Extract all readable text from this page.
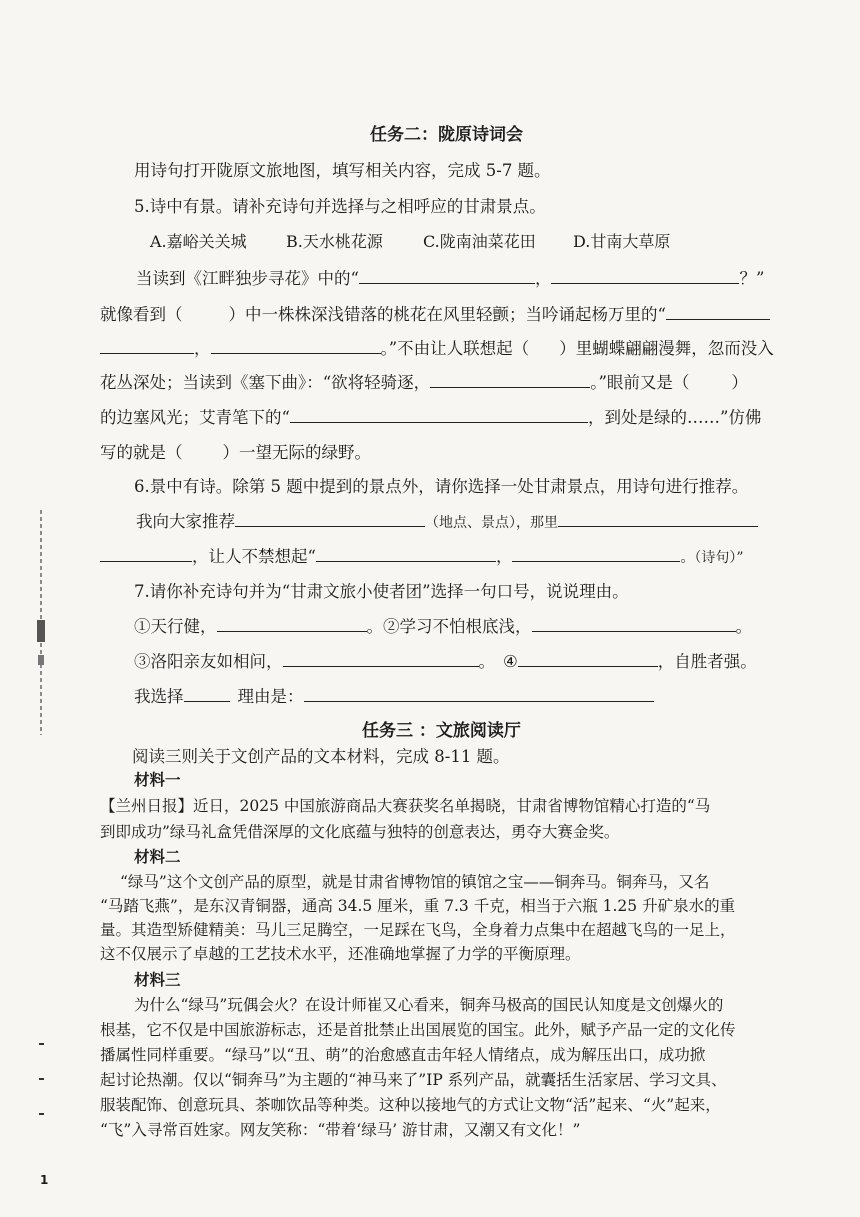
任务二：陇原诗词会
用诗句打开陇原文旅地图，填写相关内容，完成 5-7 题。
5.诗中有景。请补充诗句并选择与之相呼应的甘肃景点。
A.嘉峪关关城 B.天水桃花源	C.陇南油菜花田 D.甘南大草原
当读到《江畔独步寻花》中的“	，	？”
就像看到（	）中一株株深浅错落的桃花在风里轻颤；当吟诵起杨万里的“
，	。”不由让人联想起（ ）里蝴蝶翩翩漫舞，忽而没入
花丛深处；当读到《塞下曲》：“欲将轻骑逐，	。”眼前又是（	）
的边塞风光；艾青笔下的“	，到处是绿的……”仿佛
写的就是（ ）一望无际的绿野。
6.景中有诗。除第 5 题中提到的景点外，请你选择一处甘肃景点，用诗句进行推荐。
我向大家推荐	（地点、景点），那里
，让人不禁想起“	，	。（诗句）”
7.请你补充诗句并为“甘肃文旅小使者团”选择一句口号，说说理由。
①天行健，	。②学习不怕根底浅，	。
③洛阳亲友如相问，	。 ④	，自胜者强。
我选择	理由是：
任务三 ：文旅阅读厅
阅读三则关于文创产品的文本材料，完成 8-11 题。
材料一
【兰州日报】近日，2025 中国旅游商品大赛获奖名单揭晓，甘肃省博物馆精心打造的“马
到即成功”绿马礼盒凭借深厚的文化底蕴与独特的创意表达，勇夺大赛金奖。
材料二
“绿马”这个文创产品的原型，就是甘肃省博物馆的镇馆之宝——铜奔马。铜奔马，又名
“马踏飞燕”，是东汉青铜器，通高 34.5 厘米，重 7.3 千克，相当于六瓶 1.25 升矿泉水的重
量。其造型矫健精美：马儿三足腾空，一足踩在飞鸟，全身着力点集中在超越飞鸟的一足上，
这不仅展示了卓越的工艺技术水平，还准确地掌握了力学的平衡原理。
材料三
为什么“绿马”玩偶会火？在设计师崔又心看来，铜奔马极高的国民认知度是文创爆火的
根基，它不仅是中国旅游标志，还是首批禁止出国展览的国宝。此外，赋予产品一定的文化传
播属性同样重要。“绿马”以“丑、萌”的治愈感直击年轻人情绪点，成为解压出口，成功掀
起讨论热潮。仅以“铜奔马”为主题的“神马来了”IP 系列产品，就囊括生活家居、学习文具、
服装配饰、创意玩具、茶咖饮品等种类。这种以接地气的方式让文物“活”起来、“火”起来，
“飞”入寻常百姓家。网友笑称：“带着‘绿马’ 游甘肃，又潮又有文化！”
1
